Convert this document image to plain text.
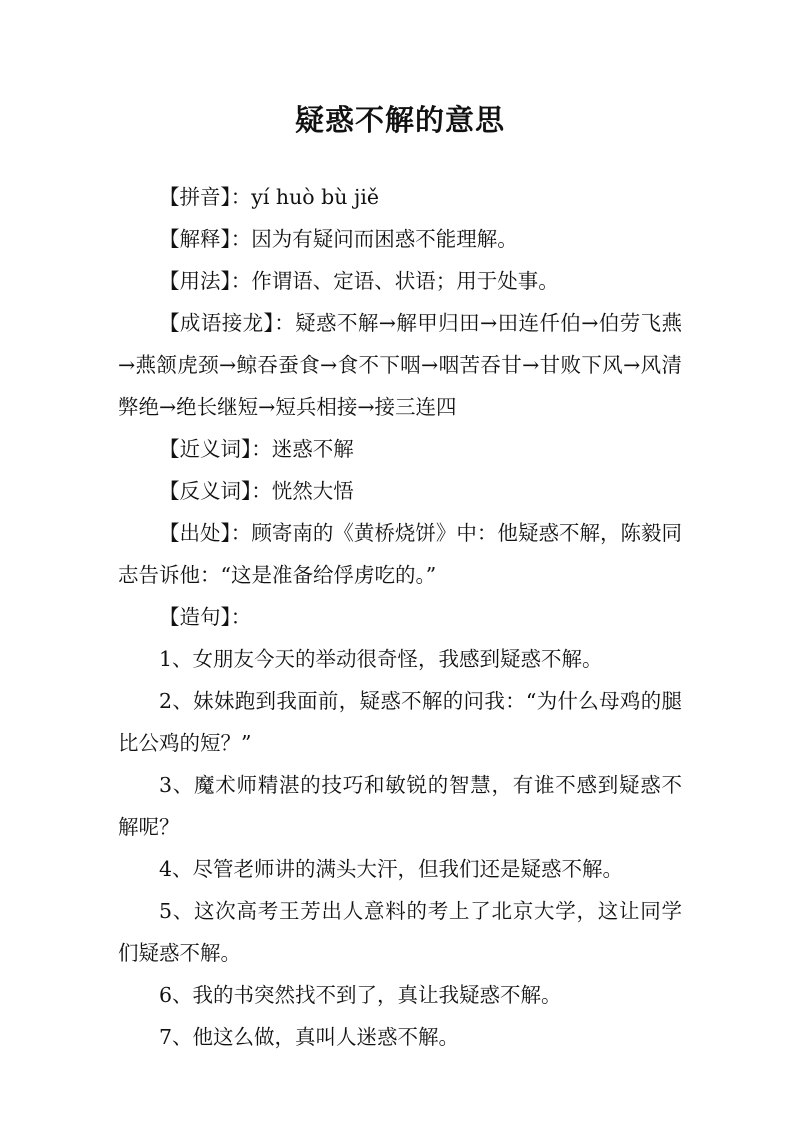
疑惑不解的意思

【拼音】：yí huò bù jiě

【解释】：因为有疑问而困惑不能理解。

【用法】：作谓语、定语、状语；用于处事。

【成语接龙】：疑惑不解→解甲归田→田连仟伯→伯劳飞燕→燕颔虎颈→鲸吞蚕食→食不下咽→咽苦吞甘→甘败下风→风清弊绝→绝长继短→短兵相接→接三连四

【近义词】：迷惑不解

【反义词】：恍然大悟

【出处】：顾寄南的《黄桥烧饼》中：他疑惑不解，陈毅同志告诉他：“这是准备给俘虏吃的。”

【造句】：

1、女朋友今天的举动很奇怪，我感到疑惑不解。

2、妹妹跑到我面前，疑惑不解的问我：“为什么母鸡的腿比公鸡的短？”

3、魔术师精湛的技巧和敏锐的智慧，有谁不感到疑惑不解呢？

4、尽管老师讲的满头大汗，但我们还是疑惑不解。

5、这次高考王芳出人意料的考上了北京大学，这让同学们疑惑不解。

6、我的书突然找不到了，真让我疑惑不解。

7、他这么做，真叫人迷惑不解。
